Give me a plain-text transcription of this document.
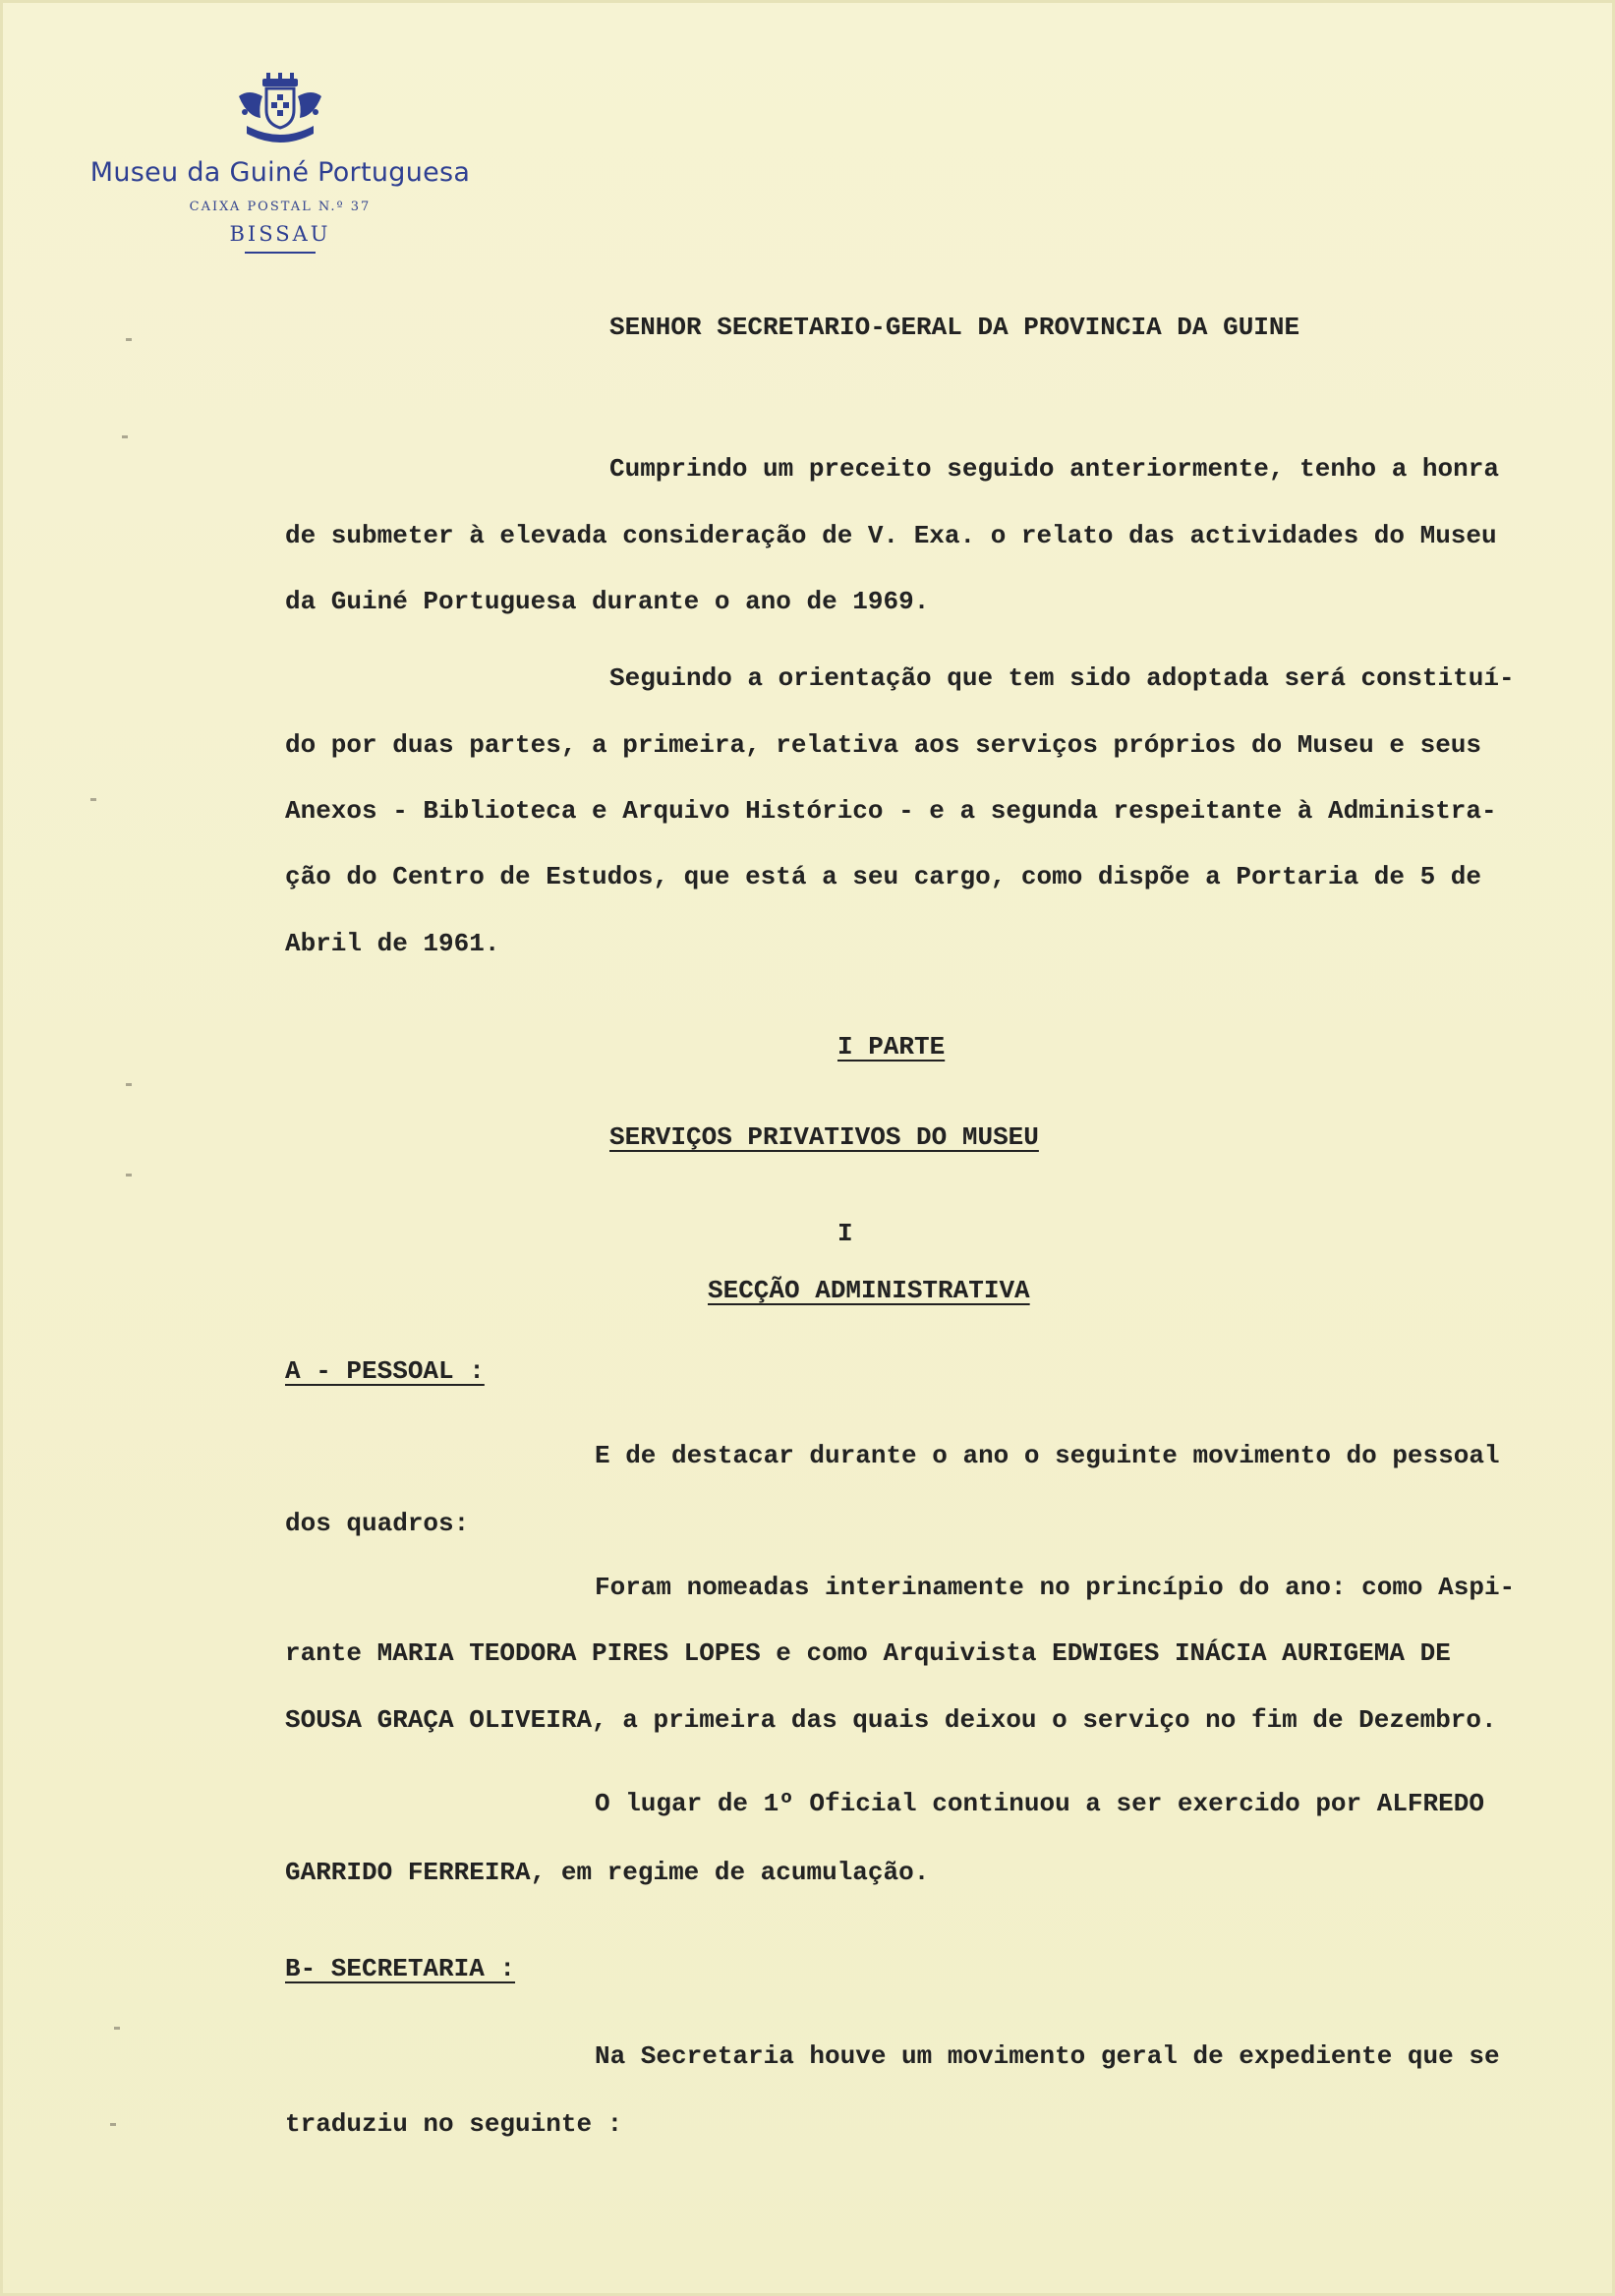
Museu da Guiné Portuguesa
CAIXA POSTAL N.º 37
BISSAU
SENHOR SECRETARIO-GERAL DA PROVINCIA DA GUINE
Cumprindo um preceito seguido anteriormente, tenho a honra
de submeter à elevada consideração de V. Exa. o relato das actividades do Museu
da Guiné Portuguesa durante o ano de 1969.
Seguindo a orientação que tem sido adoptada será constituí-
do por duas partes, a primeira, relativa aos serviços próprios do Museu e seus
Anexos - Biblioteca e Arquivo Histórico - e a segunda respeitante à Administra-
ção do Centro de Estudos, que está a seu cargo, como dispõe a Portaria de 5 de
Abril de 1961.
I PARTE
SERVIÇOS PRIVATIVOS DO MUSEU
I
SECÇÃO ADMINISTRATIVA
A - PESSOAL :
E de destacar durante o ano o seguinte movimento do pessoal
dos quadros:
Foram nomeadas interinamente no princípio do ano: como Aspi-
rante MARIA TEODORA PIRES LOPES e como Arquivista EDWIGES INÁCIA AURIGEMA DE
SOUSA GRAÇA OLIVEIRA, a primeira das quais deixou o serviço no fim de Dezembro.
O lugar de 1º Oficial continuou a ser exercido por ALFREDO
GARRIDO FERREIRA, em regime de acumulação.
B- SECRETARIA :
Na Secretaria houve um movimento geral de expediente que se
traduziu no seguinte :
